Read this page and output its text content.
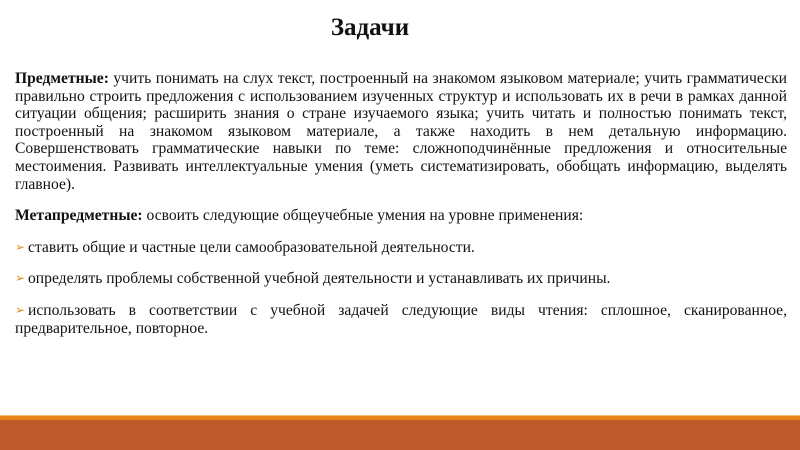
Задачи

Предметные: учить понимать на слух текст, построенный на знакомом языковом материале; учить грамматически правильно строить предложения с использованием изученных структур и использовать их в речи в рамках данной ситуации общения; расширить знания о стране изучаемого языка; учить читать и полностью понимать текст, построенный на знакомом языковом материале, а также находить в нем детальную информацию. Совершенствовать грамматические навыки по теме: сложноподчинённые предложения и относительные местоимения. Развивать интеллектуальные умения (уметь систематизировать, обобщать информацию, выделять главное).

Метапредметные: освоить следующие общеучебные умения на уровне применения:

➢ ставить общие и частные цели самообразовательной деятельности.

➢ определять проблемы собственной учебной деятельности и устанавливать их причины.

➢ использовать в соответствии с учебной задачей следующие виды чтения: сплошное, сканированное, предварительное, повторное.
